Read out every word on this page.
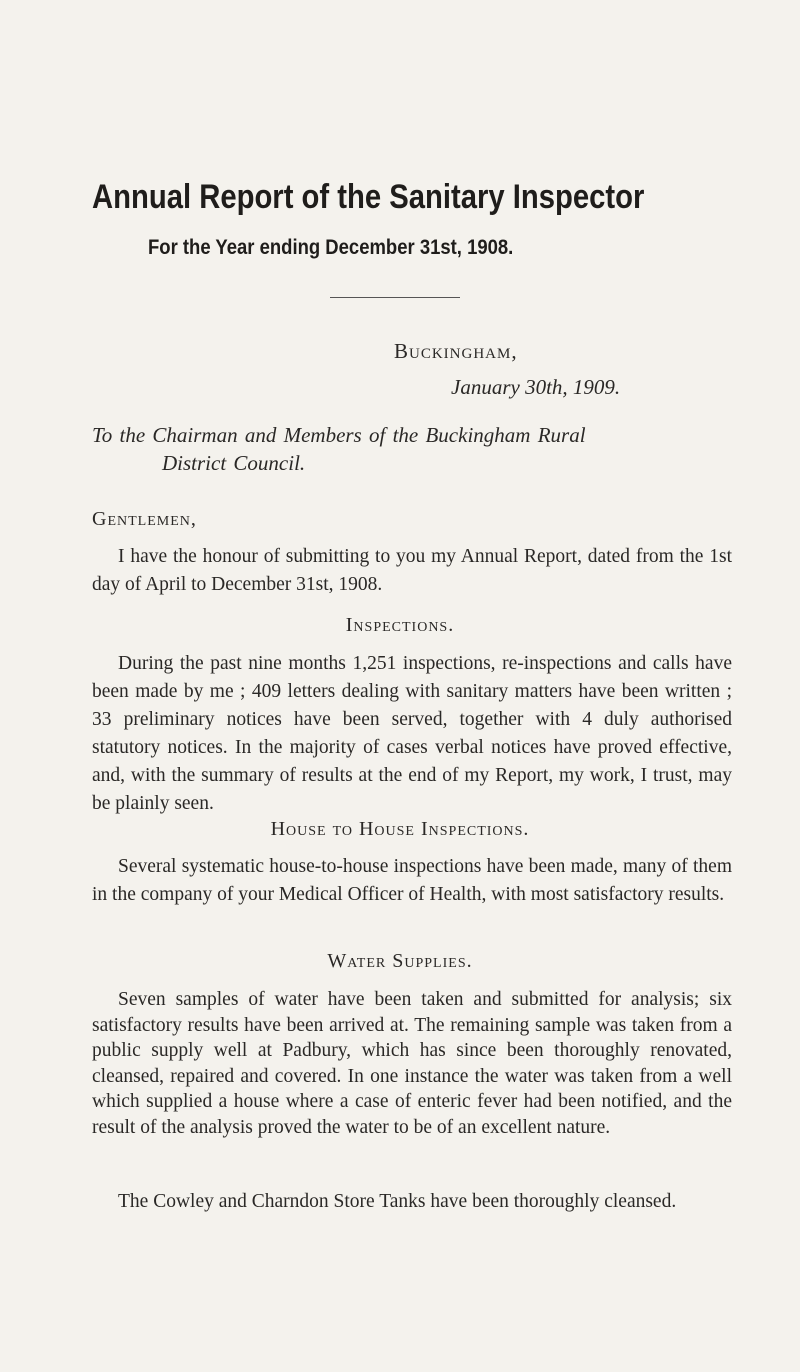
Annual Report of the Sanitary Inspector
For the Year ending December 31st, 1908.
Buckingham,
January 30th, 1909.
To the Chairman and Members of the Buckingham Rural
District Council.
Gentlemen,
I have the honour of submitting to you my Annual Report, dated from the 1st day of April to December 31st, 1908.
Inspections.
During the past nine months 1,251 inspections, re-inspections and calls have been made by me ; 409 letters dealing with sanitary matters have been written ; 33 preliminary notices have been served, together with 4 duly authorised statutory notices. In the majority of cases verbal notices have proved effective, and, with the summary of results at the end of my Report, my work, I trust, may be plainly seen.
House to House Inspections.
Several systematic house-to-house inspections have been made, many of them in the company of your Medical Officer of Health, with most satisfactory results.
Water Supplies.
Seven samples of water have been taken and submitted for analysis; six satisfactory results have been arrived at. The remaining sample was taken from a public supply well at Padbury, which has since been thoroughly renovated, cleansed, repaired and covered. In one instance the water was taken from a well which supplied a house where a case of enteric fever had been notified, and the result of the analysis proved the water to be of an excellent nature.
The Cowley and Charndon Store Tanks have been thoroughly cleansed.
